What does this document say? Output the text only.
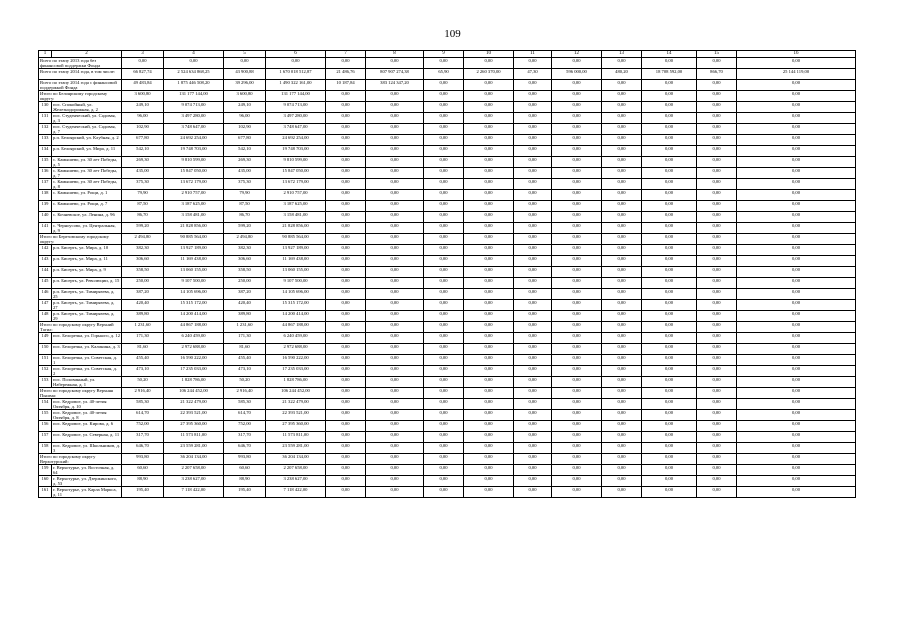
109
1	2	3	4	5	6	7	8	9	10	11	12	13	14	15	16
Всего по этапу 2013 года без финансовой поддержки Фонда		0,00	0,00	0,00	0,00	0,00	0,00	0,00	0,00	0,00	0,00	0,00	0,00	0,00	0,00
Всего по этапу 2014 года, в том числе:		66 827,74	2 524 634 868,25	43 900,88	1 670 018 512,87	21 486,76	807 907 274,38	65,90	2 260 370,00	47,30	596 000,00	480,20	18 708 592,00	866,70	25 144 119,00
Всего по этапу 2014 года с финансовой поддержкой Фонда		49 483,84	1 875 446 508,20	39 296,00	1 490 322 161,00	10 187,84	383 124 347,20	0,00	0,00	0,00	0,00	0,00	0,00	0,00	0,00
Итого по Белоярскому городскому округу:		3 600,80	131 177 144,00	3 600,80	131 177 144,00	0,00	0,00	0,00	0,00	0,00	0,00	0,00	0,00	0,00	0,00
130	пос. Спокойный, ул. Железнодорожная, д. 2	249,10	9 074 713,00	249,10	9 074 713,00	0,00	0,00	0,00	0,00	0,00	0,00	0,00	0,00	0,00	0,00
131	пос. Студенческий, ул. Садовая, д. 3	96,00	3 497 280,00	96,00	3 497 280,00	0,00	0,00	0,00	0,00	0,00	0,00	0,00	0,00	0,00	0,00
132	пос. Студенческий, ул. Садовая, д. 7	102,90	3 748 647,00	102,90	3 748 647,00	0,00	0,00	0,00	0,00	0,00	0,00	0,00	0,00	0,00	0,00
133	р.п. Белоярский, ул. Клубная, д. 2	677,80	24 692 254,00	677,80	24 692 254,00	0,00	0,00	0,00	0,00	0,00	0,00	0,00	0,00	0,00	0,00
134	р.п. Белоярский, ул. Мира, д. 11	542,10	19 748 703,00	542,10	19 748 703,00	0,00	0,00	0,00	0,00	0,00	0,00	0,00	0,00	0,00	0,00
135	с. Камышево, ул. 30 лет Победы, д. 5	269,30	9 810 599,00	269,30	9 810 599,00	0,00	0,00	0,00	0,00	0,00	0,00	0,00	0,00	0,00	0,00
136	с. Камышево, ул. 30 лет Победы, д. 7	435,00	15 847 050,00	435,00	15 847 050,00	0,00	0,00	0,00	0,00	0,00	0,00	0,00	0,00	0,00	0,00
137	с. Камышево, ул. 30 лет Победы, д. 8	375,30	13 672 179,00	375,30	13 672 179,00	0,00	0,00	0,00	0,00	0,00	0,00	0,00	0,00	0,00	0,00
138	с. Камышево, ул. Рощи, д. 1	79,90	2 910 757,00	79,90	2 910 757,00	0,00	0,00	0,00	0,00	0,00	0,00	0,00	0,00	0,00	0,00
139	с. Камышево, ул. Рощи, д. 7	87,50	3 187 625,00	87,50	3 187 625,00	0,00	0,00	0,00	0,00	0,00	0,00	0,00	0,00	0,00	0,00
140	с. Кочневское, ул. Ленина, д. 96	86,70	3 158 481,00	86,70	3 158 481,00	0,00	0,00	0,00	0,00	0,00	0,00	0,00	0,00	0,00	0,00
141	с. Черноусово, ул. Центральная, д. 9	599,20	21 828 856,00	599,20	21 828 856,00	0,00	0,00	0,00	0,00	0,00	0,00	0,00	0,00	0,00	0,00
Итого по Березовскому городскому округу:		2 494,80	90 885 564,00	2 494,80	90 885 564,00	0,00	0,00	0,00	0,00	0,00	0,00	0,00	0,00	0,00	0,00
142	р.п. Бисерть, ул. Мира, д. 10	382,30	13 927 189,00	382,30	13 927 189,00	0,00	0,00	0,00	0,00	0,00	0,00	0,00	0,00	0,00	0,00
143	р.п. Бисерть, ул. Мира, д. 11	306,60	11 169 438,00	306,60	11 169 438,00	0,00	0,00	0,00	0,00	0,00	0,00	0,00	0,00	0,00	0,00
144	р.п. Бисерть, ул. Мира, д. 9	358,50	13 060 155,00	358,50	13 060 155,00	0,00	0,00	0,00	0,00	0,00	0,00	0,00	0,00	0,00	0,00
145	р.п. Бисерть, ул. Революции, д. 15	250,00	9 107 500,00	250,00	9 107 500,00	0,00	0,00	0,00	0,00	0,00	0,00	0,00	0,00	0,00	0,00
146	р.п. Бисерть, ул. Тимирязева, д. 25	387,20	14 105 696,00	387,20	14 105 696,00	0,00	0,00	0,00	0,00	0,00	0,00	0,00	0,00	0,00	0,00
147	р.п. Бисерть, ул. Тимирязева, д. 27	420,40	15 315 172,00	420,40	15 315 172,00	0,00	0,00	0,00	0,00	0,00	0,00	0,00	0,00	0,00	0,00
148	р.п. Бисерть, ул. Тимирязева, д. 29	389,80	14 200 414,00	389,80	14 200 414,00	0,00	0,00	0,00	0,00	0,00	0,00	0,00	0,00	0,00	0,00
Итого по городскому округу Верхний Тагил:		1 231,60	44 867 188,00	1 231,60	44 867 188,00	0,00	0,00	0,00	0,00	0,00	0,00	0,00	0,00	0,00	0,00
149	пос. Белоречка, ул. Горького, д. 12	171,30	6 240 459,00	171,30	6 240 459,00	0,00	0,00	0,00	0,00	0,00	0,00	0,00	0,00	0,00	0,00
150	пос. Белоречка, ул. Калинина, д. 3	81,60	2 972 688,00	81,60	2 972 688,00	0,00	0,00	0,00	0,00	0,00	0,00	0,00	0,00	0,00	0,00
151	пос. Белоречка, ул. Советская, д. 1	455,40	16 590 222,00	455,40	16 590 222,00	0,00	0,00	0,00	0,00	0,00	0,00	0,00	0,00	0,00	0,00
152	пос. Белоречка, ул. Советская, д. 2	473,10	17 235 033,00	473,10	17 235 033,00	0,00	0,00	0,00	0,00	0,00	0,00	0,00	0,00	0,00	0,00
153	пос. Половинный, ул. Набережная, д. 1	50,20	1 828 786,00	50,20	1 828 786,00	0,00	0,00	0,00	0,00	0,00	0,00	0,00	0,00	0,00	0,00
Итого по городскому округу Верхняя Пышма:		2 916,40	106 244 452,00	2 916,40	106 244 452,00	0,00	0,00	0,00	0,00	0,00	0,00	0,00	0,00	0,00	0,00
154	пос. Кедровое, ул. 40-летия Октября, д. 10	585,30	21 322 479,00	585,30	21 322 479,00	0,00	0,00	0,00	0,00	0,00	0,00	0,00	0,00	0,00	0,00
155	пос. Кедровое, ул. 40-летия Октября, д. 8	614,70	22 393 521,00	614,70	22 393 521,00	0,00	0,00	0,00	0,00	0,00	0,00	0,00	0,00	0,00	0,00
156	пос. Кедровое, ул. Кирова, д. 6	752,00	27 395 360,00	752,00	27 395 360,00	0,00	0,00	0,00	0,00	0,00	0,00	0,00	0,00	0,00	0,00
157	пос. Кедровое, ул. Северная, д. 11	317,70	11 573 811,00	317,70	11 573 811,00	0,00	0,00	0,00	0,00	0,00	0,00	0,00	0,00	0,00	0,00
158	пос. Кедровое, ул. Школьников, д. 3	646,70	23 559 281,00	646,70	23 559 281,00	0,00	0,00	0,00	0,00	0,00	0,00	0,00	0,00	0,00	0,00
Итого по городскому округу Верхотурский:		993,80	36 204 134,00	993,80	36 204 134,00	0,00	0,00	0,00	0,00	0,00	0,00	0,00	0,00	0,00	0,00
159	г. Верхотурье, ул. Восточная, д. 64	60,60	2 207 658,00	60,60	2 207 658,00	0,00	0,00	0,00	0,00	0,00	0,00	0,00	0,00	0,00	0,00
160	г. Верхотурье, ул. Дзержинского, д. 53	88,90	3 238 627,00	88,90	3 238 627,00	0,00	0,00	0,00	0,00	0,00	0,00	0,00	0,00	0,00	0,00
161	г. Верхотурье, ул. Карла Маркса, д. 11	195,40	7 118 422,00	195,40	7 118 422,00	0,00	0,00	0,00	0,00	0,00	0,00	0,00	0,00	0,00	0,00
